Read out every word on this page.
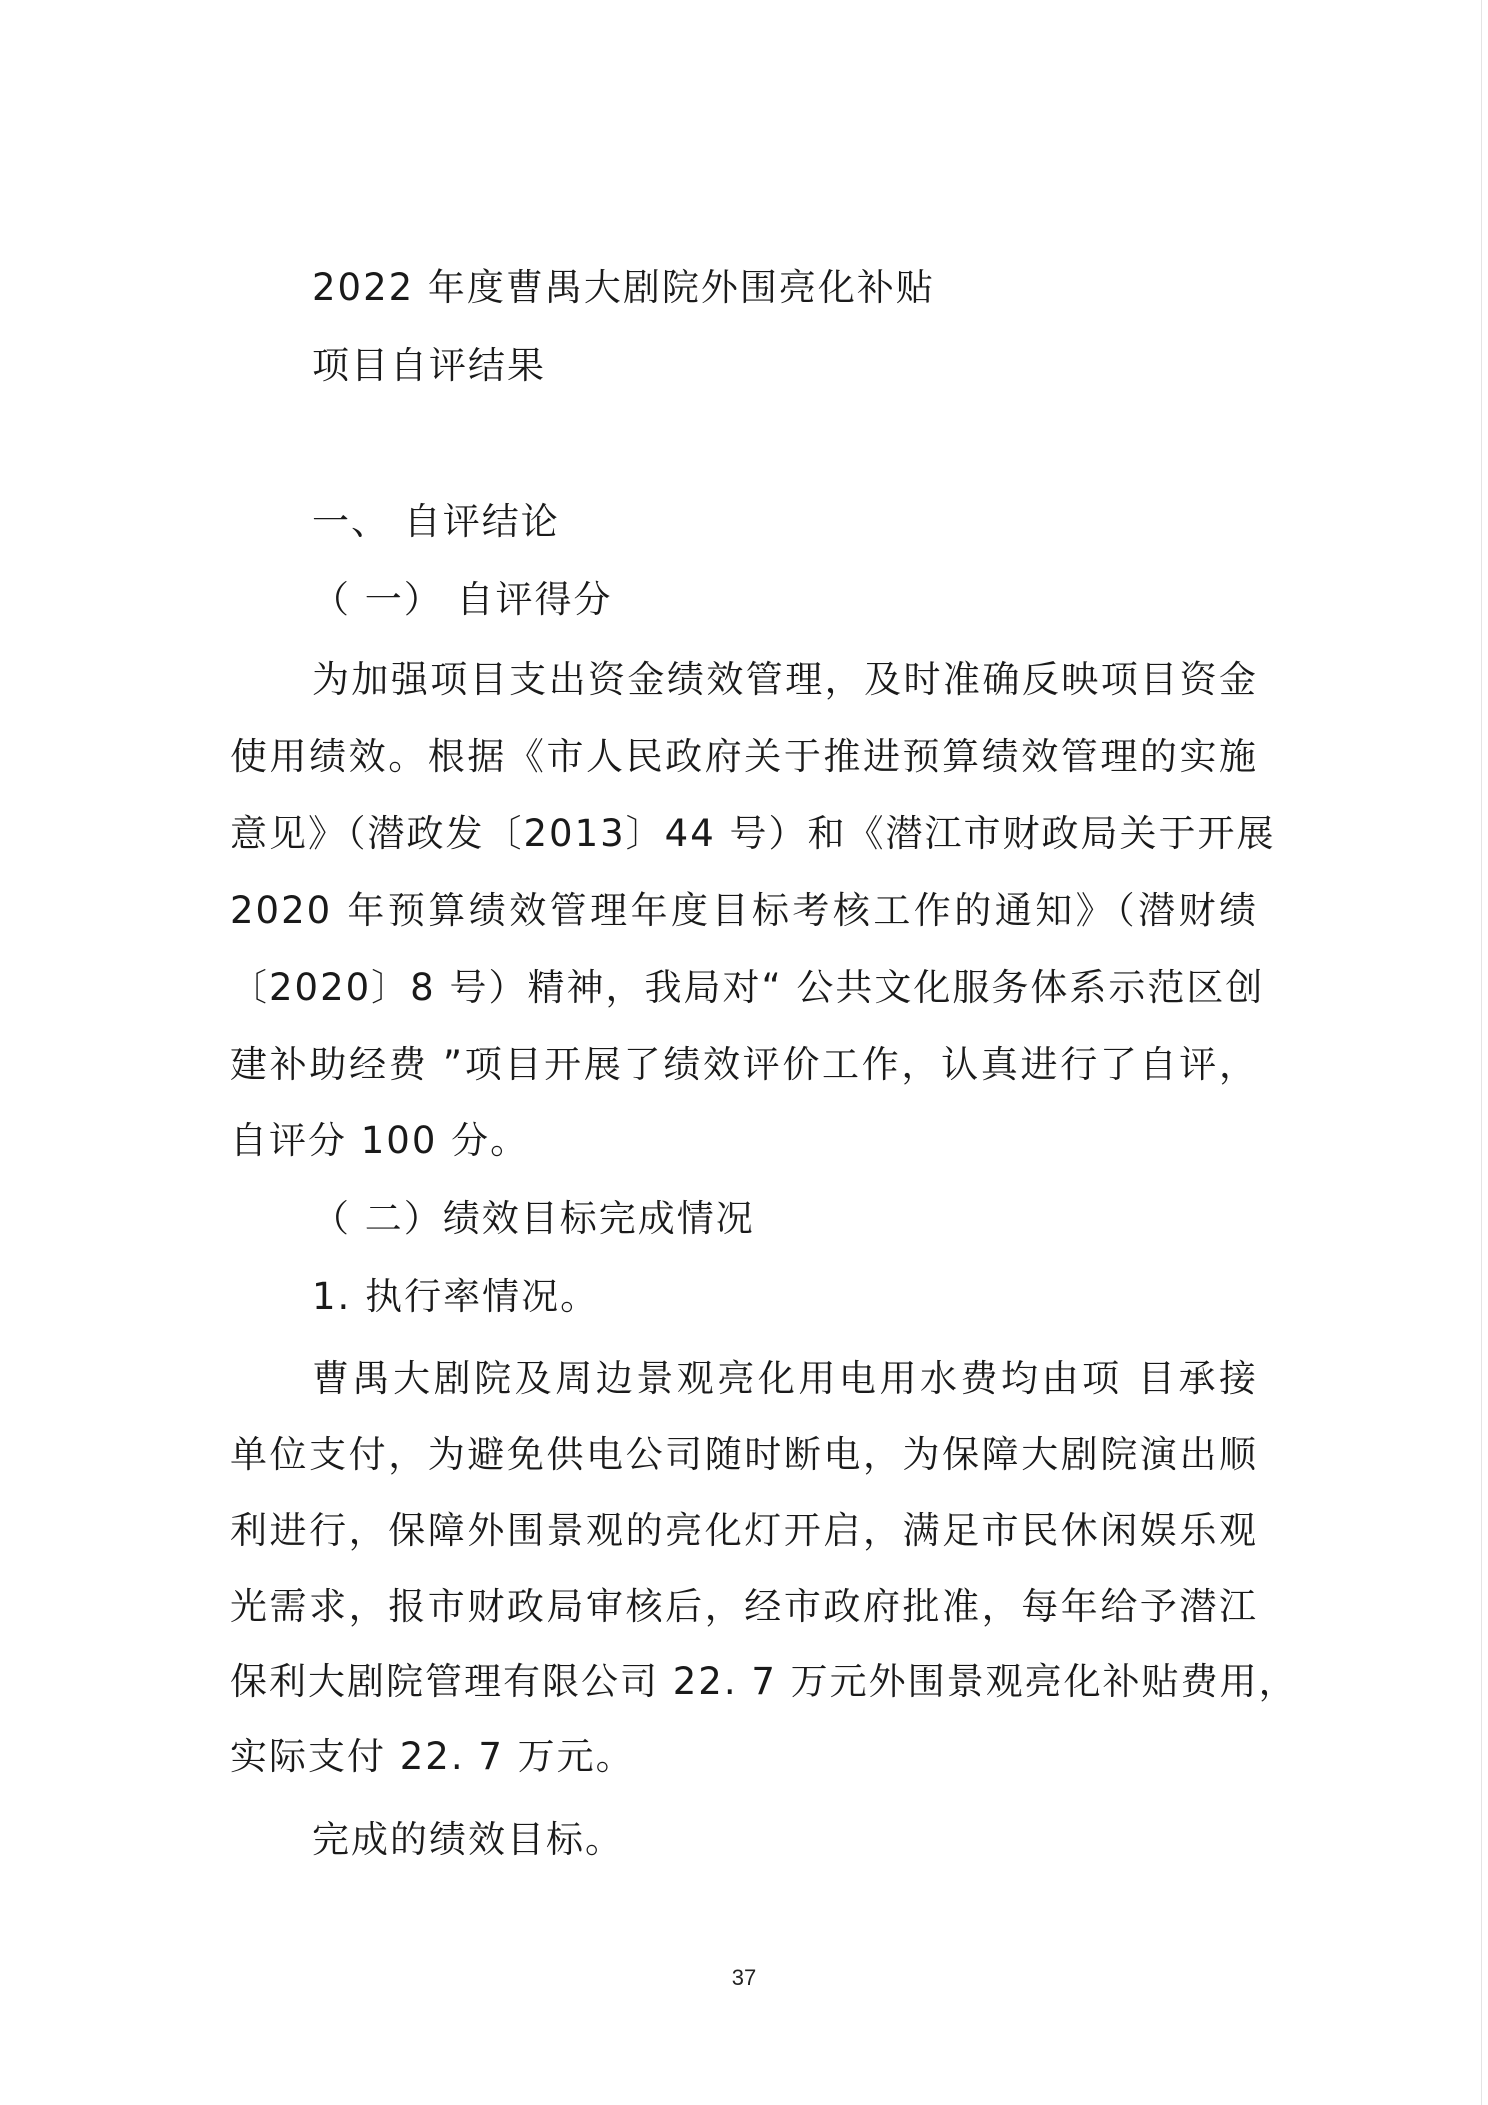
2022 年度曹禺大剧院外围亮化补贴
项目自评结果
一、 自评结论
（ 一） 自评得分
为加强项目支出资金绩效管理，及时准确反映项目资金
使用绩效。根据《市人民政府关于推进预算绩效管理的实施
意见》（潜政发〔2013〕44 号）和《潜江市财政局关于开展
2020 年预算绩效管理年度目标考核工作的通知》（潜财绩
〔2020〕8 号）精神，我局对“ 公共文化服务体系示范区创
建补助经费 ”项目开展了绩效评价工作，认真进行了自评，
自评分 100 分。
（ 二）绩效目标完成情况
1. 执行率情况。
曹禺大剧院及周边景观亮化用电用水费均由项 目承接
单位支付，为避免供电公司随时断电，为保障大剧院演出顺
利进行，保障外围景观的亮化灯开启，满足市民休闲娱乐观
光需求，报市财政局审核后，经市政府批准，每年给予潜江
保利大剧院管理有限公司 22. 7 万元外围景观亮化补贴费用，
实际支付 22. 7 万元。
完成的绩效目标。
37
